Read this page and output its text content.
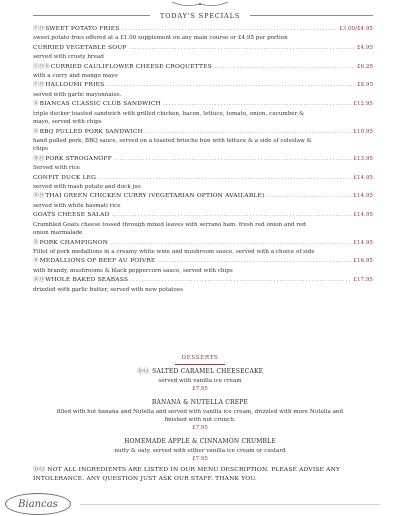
TODAY'S SPECIALS
ⓋⓄSWEET POTATO FRIES .....	£3.00/£4.95
sweet potato fries offered at a £1.00 supplement on any main course or £4.95 per portion
CURRIED VEGETABLE SOUP .....	£4.95
served with crusty bread
ⓋⓄⒹCURRIED CAULIFLOWER CHEESE CROQUETTES .....	£6.25
with a curry and mango mayo
ⓋⓄHALLOUMI FRIES .....	£8.95
served with garlic mayonnaise.
ⒹBIANCAS CLASSIC CLUB SANDWICH .....	£12.95
triple decker toasted sandwich with grilled chicken, bacon, lettuce, tomato, onion, cucumber &
mayo, served with chips
ⒹBBQ PULLED PORK SANDWICH .....	£10.95
hand pulled pork, BBQ sauce, served on a toasted brioche bun with lettuce & a side of coleslaw &
chips
ⒹⓄPORK STROGANOFF .....	£13.95
Served with rice
CONFIT DUCK LEG .....	£14.95
served with mash potato and duck jus
ⒹⓄTHAI GREEN CHICKEN CURRY (VEGETARIAN OPTION AVAILABLE) .....	£14.95
served with white basmati rice
GOATS CHEESE SALAD .....	£14.95
Crumbled Goats cheese tossed through mixed leaves with serrano ham. fresh red onion and red
onion marmalade
ⒹPORK CHAMPIGNON .....	£14.95
Fillet of pork medallions in a creamy white wine and mushroom sauce, served with a choice of side
ⒹMEDALLIONS OF BEEF AU POIVRE .....	£16.95
with brandy, mushrooms & black peppercorn sauce, served with chips
ⒹⓄWHOLE BAKED SEABASS .....	£17.95
drizzled with garlic butter, served with new potatoes
DESSERTS
ⒹⓄ SALTED CARAMEL CHEESECAKE
served with vanilla ice cream
£7.95
BANANA & NUTELLA CREPE
filled with hot banana and Nutella and served with vanilla ice cream, drizzled with more Nutella and
finished with nut crunch.
£7.95
HOMEMADE APPLE & CINNAMON CRUMBLE
nutty & oaty, served with either vanilla ice cream or custard
£7.95
ⒹⓄ NOT ALL INGREDIENTS ARE LISTED IN OUR MENU DESCRIPTION. PLEASE ADVISE ANY
INTOLERANCE. ANY QUESTION JUST ASK OUR STAFF. THANK YOU.
Biancas
